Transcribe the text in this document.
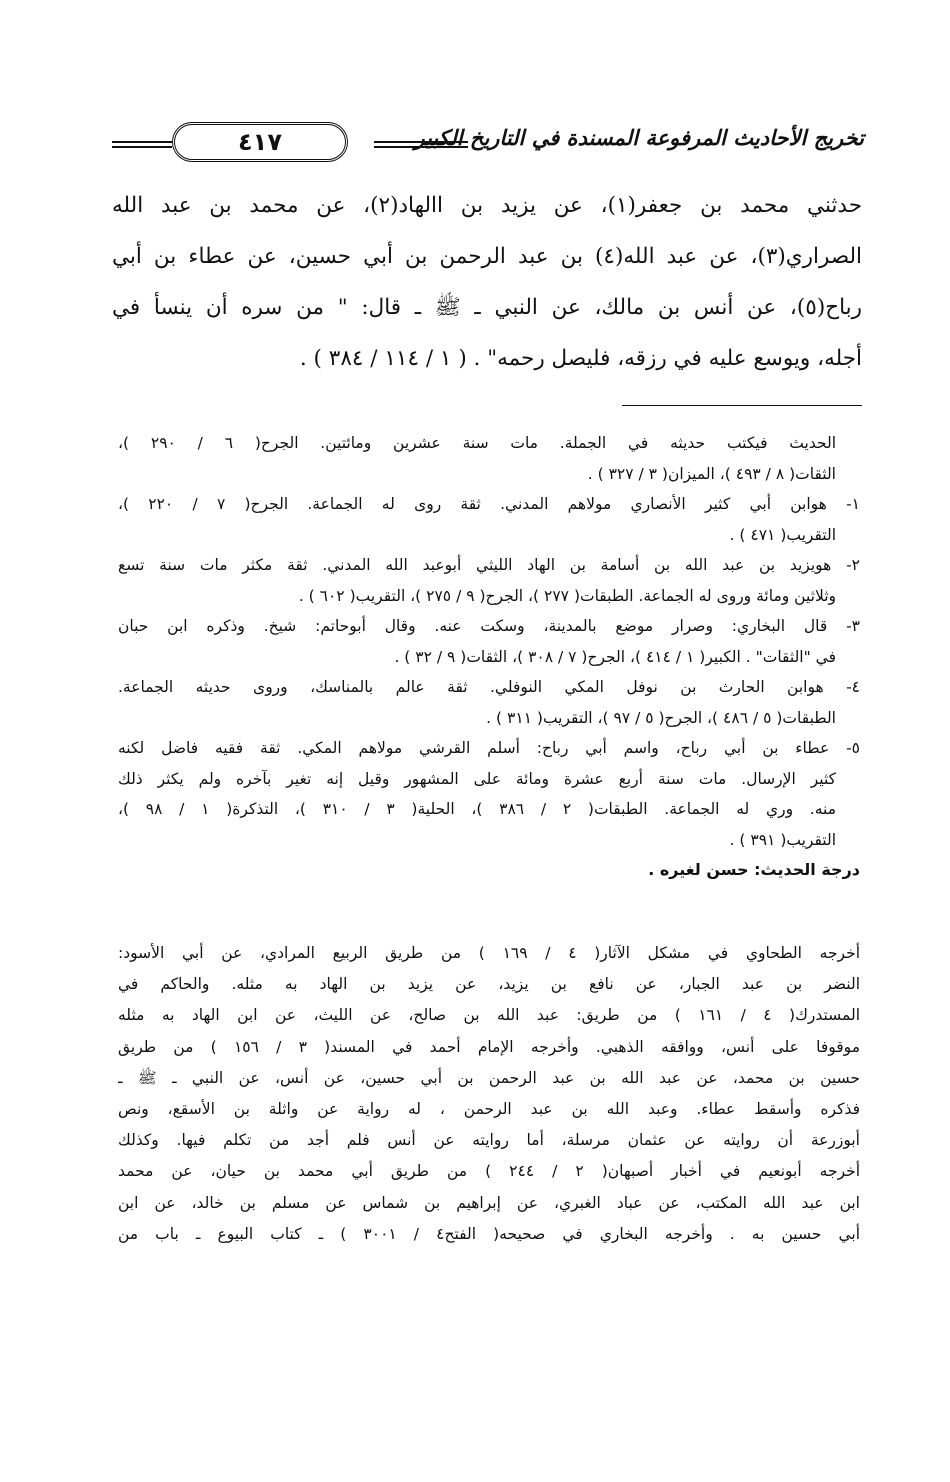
تخريج الأحاديث المرفوعة المسندة في التاريخ الكبير
٤١٧
حدثني محمد بن جعفر(١)، عن يزيد بن االهاد(٢)، عن محمد بن عبد الله
الصراري(٣)، عن عبد الله(٤) بن عبد الرحمن بن أبي حسين، عن عطاء بن أبي
رباح(٥)، عن أنس بن مالك، عن النبي ـ ﷺ ـ قال: " من سره أن ينسأ في
أجله، ويوسع عليه في رزقه، فليصل رحمه" . ( ١ / ١١٤ / ٣٨٤ ) .
الحديث فيكتب حديثه في الجملة. مات سنة عشرين ومائتين. الجرح( ٦ / ٢٩٠ )،
الثقات( ٨ / ٤٩٣ )، الميزان( ٣ / ٣٢٧ ) .
١- هوابن أبي كثير الأنصاري مولاهم المدني. ثقة روى له الجماعة. الجرح( ٧ / ٢٢٠ )،
التقريب( ٤٧١ ) .
٢- هويزيد بن عبد الله بن أسامة بن الهاد الليثي أبوعبد الله المدني. ثقة مكثر مات سنة تسع
وثلاثين ومائة وروى له الجماعة. الطبقات( ٢٧٧ )، الجرح( ٩ / ٢٧٥ )، التقريب( ٦٠٢ ) .
٣- قال البخاري: وصرار موضع بالمدينة، وسكت عنه. وقال أبوحاتم: شيخ. وذكره ابن حبان
في "الثقات" . الكبير( ١ / ٤١٤ )، الجرح( ٧ / ٣٠٨ )، الثقات( ٩ / ٣٢ ) .
٤- هوابن الحارث بن نوفل المكي النوفلي. ثقة عالم بالمناسك، وروى حديثه الجماعة.
الطبقات( ٥ / ٤٨٦ )، الجرح( ٥ / ٩٧ )، التقريب( ٣١١ ) .
٥- عطاء بن أبي رباح، واسم أبي رباح: أسلم القرشي مولاهم المكي. ثقة فقيه فاضل لكنه
كثير الإرسال. مات سنة أربع عشرة ومائة على المشهور وقيل إنه تغير بآخره ولم يكثر ذلك
منه. وري له الجماعة. الطبقات( ٢ / ٣٨٦ )، الحلية( ٣ / ٣١٠ )، التذكرة( ١ / ٩٨ )،
التقريب( ٣٩١ ) .
درجة الحديث: حسن لغيره .
أخرجه الطحاوي في مشكل الآثار( ٤ / ١٦٩ ) من طريق الربيع المرادي، عن أبي الأسود:
النضر بن عبد الجبار، عن نافع بن يزيد، عن يزيد بن الهاد به مثله. والحاكم في
المستدرك( ٤ / ١٦١ ) من طريق: عبد الله بن صالح، عن الليث، عن ابن الهاد به مثله
موقوفا على أنس، ووافقه الذهبي. وأخرجه الإمام أحمد في المسند( ٣ / ١٥٦ ) من طريق
حسين بن محمد، عن عبد الله بن عبد الرحمن بن أبي حسين، عن أنس، عن النبي ـ ﷺ ـ
فذكره وأسقط عطاء. وعبد الله بن عبد الرحمن ، له رواية عن واثلة بن الأسقع، ونص
أبوزرعة أن روايته عن عثمان مرسلة، أما روايته عن أنس فلم أجد من تكلم فيها. وكذلك
أخرجه أبونعيم في أخبار أصبهان( ٢ / ٢٤٤ ) من طريق أبي محمد بن حيان، عن محمد
ابن عبد الله المكتب، عن عباد الغبري، عن إبراهيم بن شماس عن مسلم بن خالد، عن ابن
أبي حسين به . وأخرجه البخاري في صحيحه( الفتح٤ / ٣٠٠١ ) ـ كتاب البيوع ـ باب من
